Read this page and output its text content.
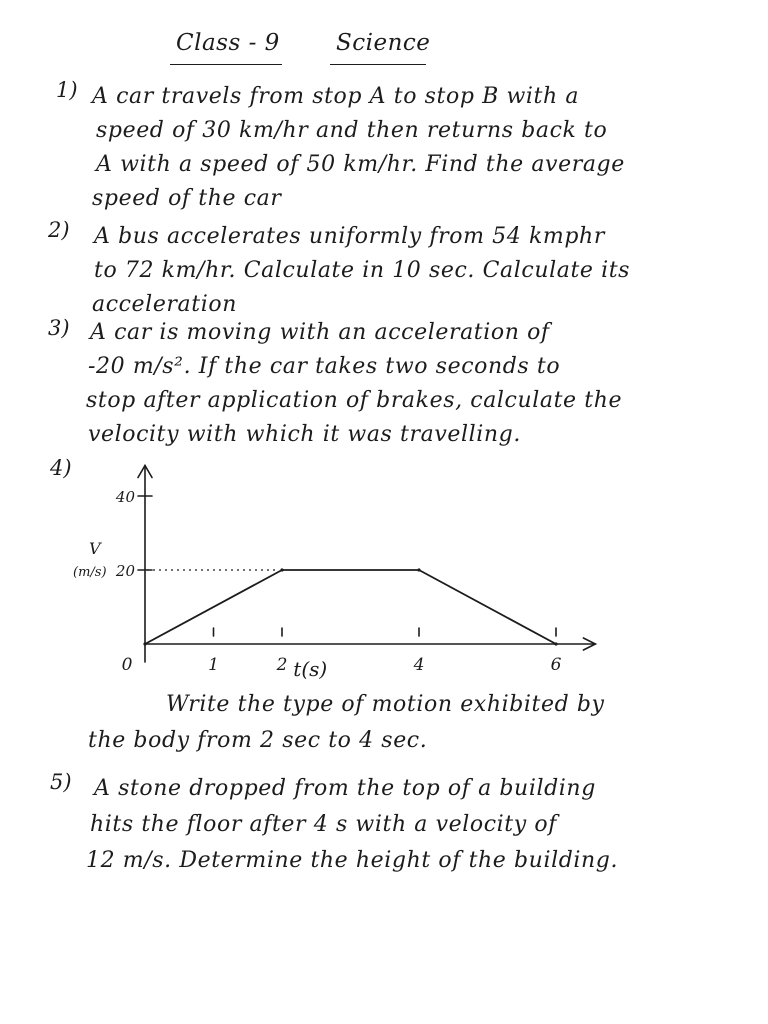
Class - 9 Science
1) A car travels from stop A to stop B with a
speed of 30 km/hr and then returns back to
A with a speed of 50 km/hr. Find the average
speed of the car
2) A bus accelerates uniformly from 54 kmphr
to 72 km/hr. Calculate in 10 sec. Calculate its
acceleration
3) A car is moving with an acceleration of
-20 m/s². If the car takes two seconds to
stop after application of brakes, calculate the
velocity with which it was travelling.
4)
20
40
0	1	2	4	6
V
(m/s)
t(s)
Write the type of motion exhibited by
the body from 2 sec to 4 sec.
5) A stone dropped from the top of a building
hits the floor after 4 s with a velocity of
12 m/s. Determine the height of the building.
